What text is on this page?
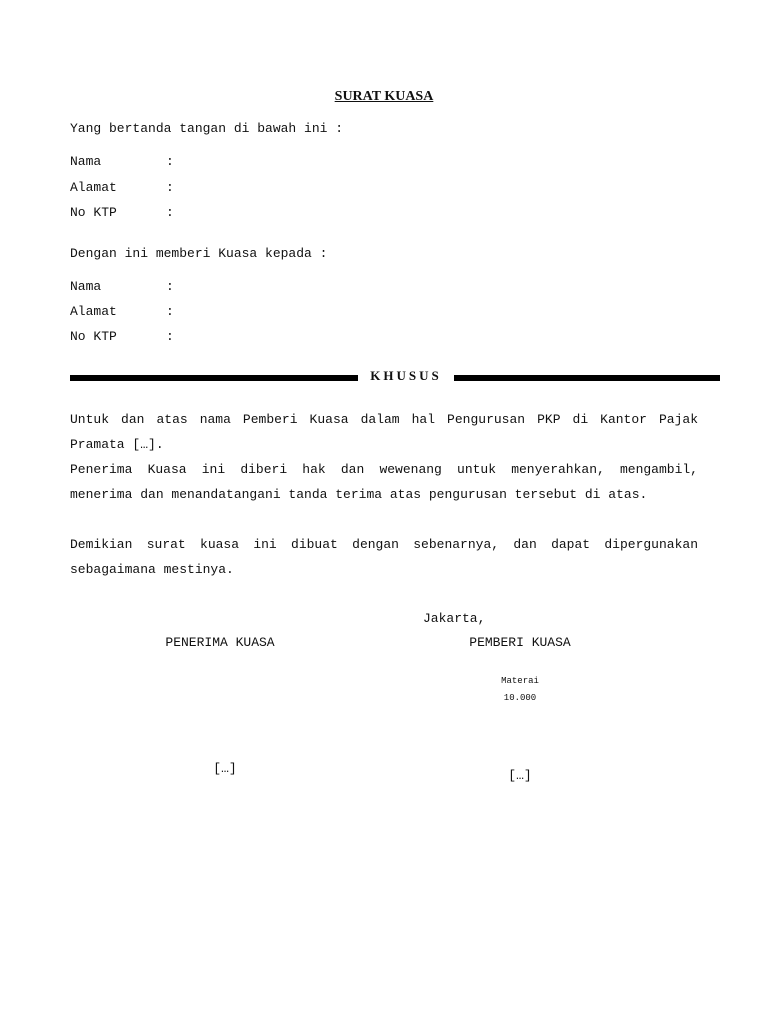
SURAT KUASA
Yang bertanda tangan di bawah ini :
Nama	:
Alamat	:
No KTP	:
Dengan ini memberi Kuasa kepada :
Nama	:
Alamat	:
No KTP	:
KHUSUS
Untuk dan atas nama Pemberi Kuasa dalam hal Pengurusan PKP di Kantor Pajak Pramata […].
Penerima Kuasa ini diberi hak dan wewenang untuk menyerahkan, mengambil, menerima dan menandatangani tanda terima atas pengurusan tersebut di atas.
Demikian surat kuasa ini dibuat dengan sebenarnya, dan dapat dipergunakan sebagaimana mestinya.
Jakarta,
PENERIMA KUASA	PEMBERI KUASA
Materai
10.000
[…]	[…]
